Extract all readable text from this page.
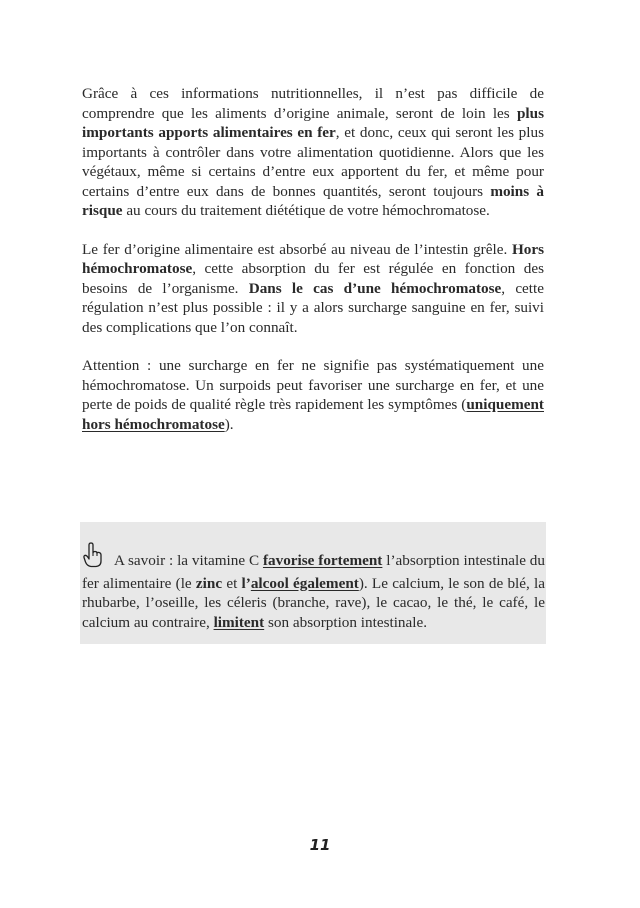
Grâce à ces informations nutritionnelles, il n’est pas difficile de comprendre que les aliments d’origine animale, seront de loin les plus importants apports alimentaires en fer, et donc, ceux qui seront les plus importants à contrôler dans votre alimentation quotidienne. Alors que les végétaux, même si certains d’entre eux apportent du fer, et même pour certains d’entre eux dans de bonnes quantités, seront toujours moins à risque au cours du traitement diététique de votre hémochromatose.

Le fer d’origine alimentaire est absorbé au niveau de l’intestin grêle. Hors hémochromatose, cette absorption du fer est régulée en fonction des besoins de l’organisme. Dans le cas d’une hémochromatose, cette régulation n’est plus possible : il y a alors surcharge sanguine en fer, suivi des complications que l’on connaît.

Attention : une surcharge en fer ne signifie pas systématiquement une hémochromatose. Un surpoids peut favoriser une surcharge en fer, et une perte de poids de qualité règle très rapidement les symptômes (uniquement hors hémochromatose).

A savoir : la vitamine C favorise fortement l’absorption intestinale du fer alimentaire (le zinc et l’alcool également). Le calcium, le son de blé, la rhubarbe, l’oseille, les céleris (branche, rave), le cacao, le thé, le café, le calcium au contraire, limitent son absorption intestinale.

11
